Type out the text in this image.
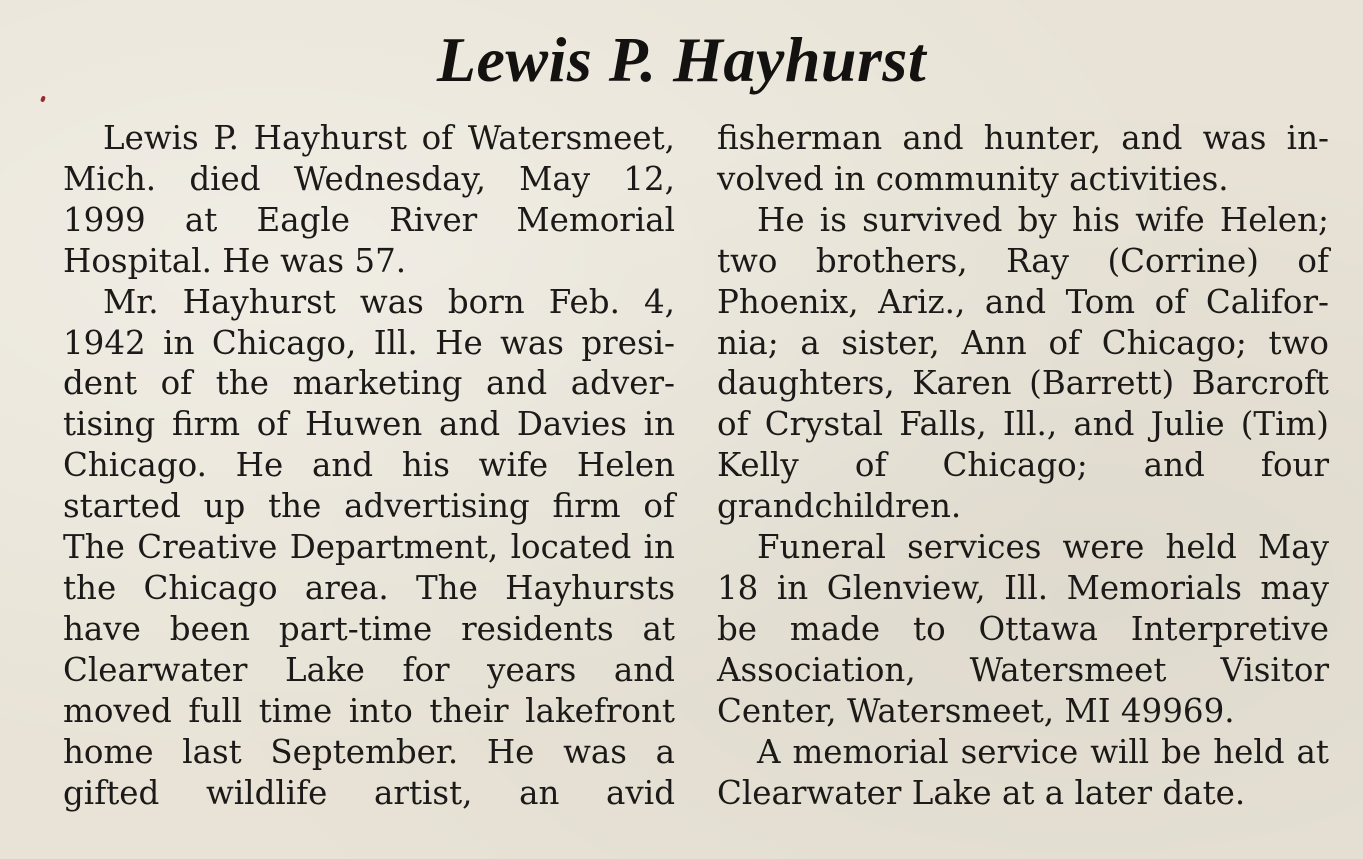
Lewis P. Hayhurst

Lewis P. Hayhurst of Watersmeet, Mich. died Wednesday, May 12, 1999 at Eagle River Memorial Hospital. He was 57.

Mr. Hayhurst was born Feb. 4, 1942 in Chicago, Ill. He was president of the marketing and advertising firm of Huwen and Davies in Chicago. He and his wife Helen started up the advertising firm of The Creative Department, located in the Chicago area. The Hayhursts have been part-time residents at Clearwater Lake for years and moved full time into their lakefront home last September. He was a gifted wildlife artist, an avid

fisherman and hunter, and was involved in community activities.

He is survived by his wife Helen; two brothers, Ray (Corrine) of Phoenix, Ariz., and Tom of California; a sister, Ann of Chicago; two daughters, Karen (Barrett) Barcroft of Crystal Falls, Ill., and Julie (Tim) Kelly of Chicago; and four grandchildren.

Funeral services were held May 18 in Glenview, Ill. Memorials may be made to Ottawa Interpretive Association, Watersmeet Visitor Center, Watersmeet, MI 49969.

A memorial service will be held at Clearwater Lake at a later date.
